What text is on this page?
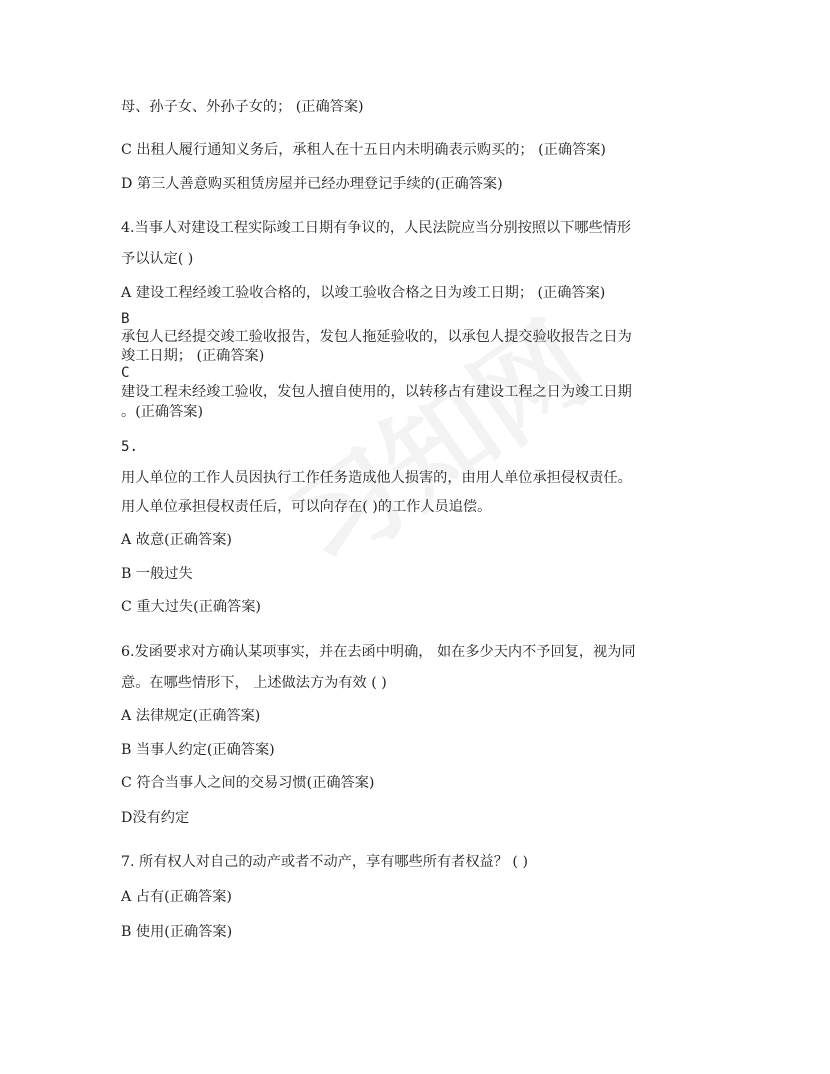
母、孙子女、外孙子女的； (正确答案)
C 出租人履行通知义务后，承租人在十五日内未明确表示购买的； (正确答案)
D 第三人善意购买租赁房屋并已经办理登记手续的(正确答案)
4.当事人对建设工程实际竣工日期有争议的，人民法院应当分别按照以下哪些情形
予以认定( )
A 建设工程经竣工验收合格的，以竣工验收合格之日为竣工日期； (正确答案)
B
承包人已经提交竣工验收报告，发包人拖延验收的，以承包人提交验收报告之日为
竣工日期； (正确答案)
C
建设工程未经竣工验收，发包人擅自使用的，以转移占有建设工程之日为竣工日期
。(正确答案)
5.
用人单位的工作人员因执行工作任务造成他人损害的，由用人单位承担侵权责任。
用人单位承担侵权责任后，可以向存在( )的工作人员追偿。
A 故意(正确答案)
B 一般过失
C 重大过失(正确答案)
6.发函要求对方确认某项事实，并在去函中明确， 如在多少天内不予回复，视为同
意。在哪些情形下， 上述做法方为有效 ( )
A 法律规定(正确答案)
B 当事人约定(正确答案)
C 符合当事人之间的交易习惯(正确答案)
D没有约定
7. 所有权人对自己的动产或者不动产，享有哪些所有者权益？ ( )
A 占有(正确答案)
B 使用(正确答案)
